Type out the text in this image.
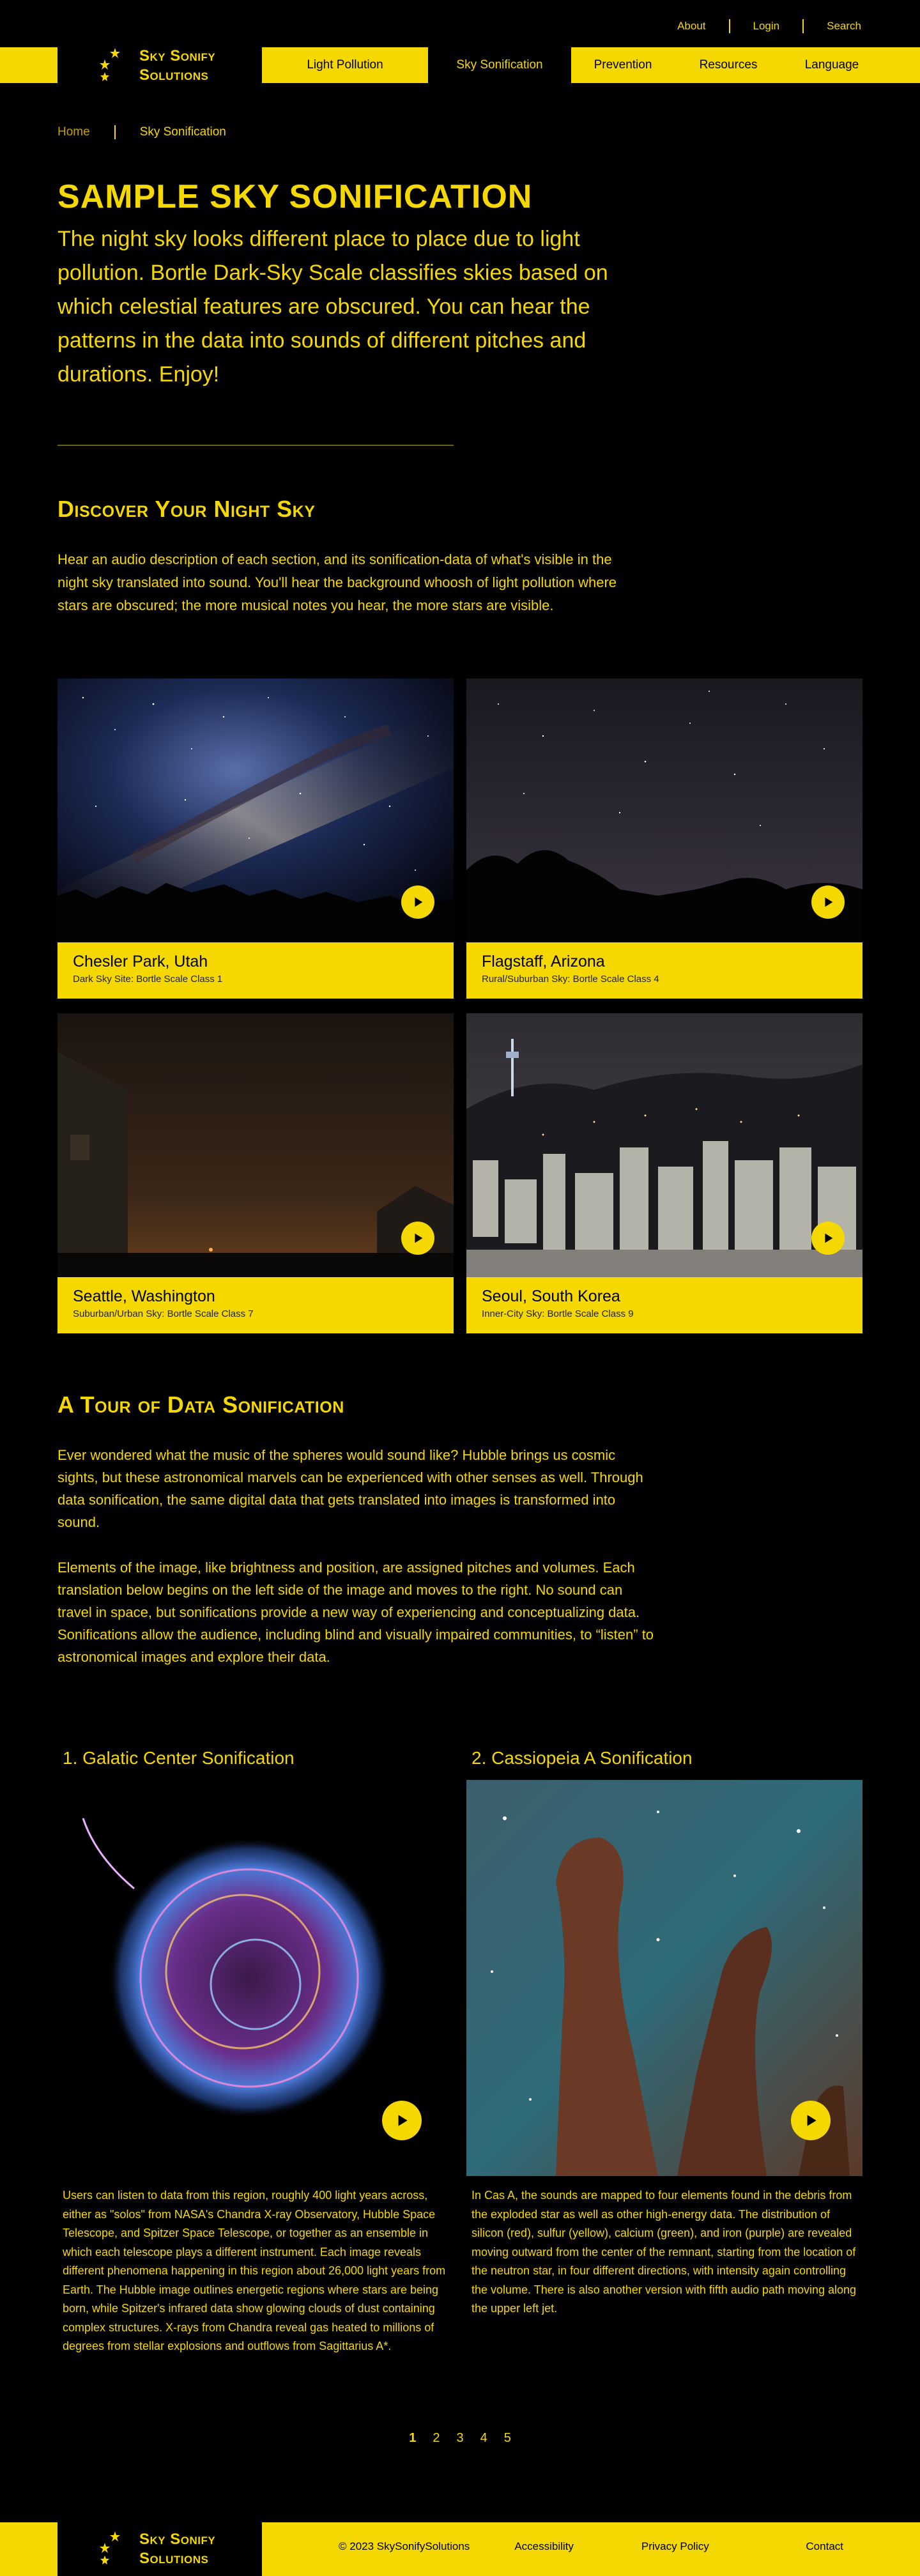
About	Login	Search
Sky Sonify
Solutions
Light Pollution	Sky Sonification	Prevention	Resources	Language
Home	Sky Sonification
SAMPLE SKY SONIFICATION

The night sky looks different place to place due to light pollution. Bortle Dark-Sky Scale classifies skies based on which celestial features are obscured. You can hear the patterns in the data into sounds of different pitches and durations. Enjoy!

Discover Your Night Sky

Hear an audio description of each section, and its sonification-data of what's visible in the night sky translated into sound. You'll hear the background whoosh of light pollution where stars are obscured; the more musical notes you hear, the more stars are visible.

Chesler Park, Utah
Dark Sky Site: Bortle Scale Class 1
Flagstaff, Arizona
Rural/Suburban Sky: Bortle Scale Class 4
Seattle, Washington
Suburban/Urban Sky: Bortle Scale Class 7
Seoul, South Korea
Inner-City Sky: Bortle Scale Class 9
A Tour of Data Sonification

Ever wondered what the music of the spheres would sound like? Hubble brings us cosmic sights, but these astronomical marvels can be experienced with other senses as well. Through data sonification, the same digital data that gets translated into images is transformed into sound.

Elements of the image, like brightness and position, are assigned pitches and volumes. Each translation below begins on the left side of the image and moves to the right. No sound can travel in space, but sonifications provide a new way of experiencing and conceptualizing data. Sonifications allow the audience, including blind and visually impaired communities, to “listen” to astronomical images and explore their data.

1. Galatic Center Sonification	2. Cassiopeia A Sonification

Users can listen to data from this region, roughly 400 light years across, either as "solos" from NASA's Chandra X-ray Observatory, Hubble Space Telescope, and Spitzer Space Telescope, or together as an ensemble in which each telescope plays a different instrument. Each image reveals different phenomena happening in this region about 26,000 light years from Earth. The Hubble image outlines energetic regions where stars are being born, while Spitzer's infrared data show glowing clouds of dust containing complex structures. X-rays from Chandra reveal gas heated to millions of degrees from stellar explosions and outflows from Sagittarius A*.

In Cas A, the sounds are mapped to four elements found in the debris from the exploded star as well as other high-energy data. The distribution of silicon (red), sulfur (yellow), calcium (green), and iron (purple) are revealed moving outward from the center of the remnant, starting from the location of the neutron star, in four different directions, with intensity again controlling the volume. There is also another version with fifth audio path moving along the upper left jet.

1 2 3 4 5
Sky Sonify
Solutions
© 2023 SkySonifySolutions	Accessibility	Privacy Policy	Contact
